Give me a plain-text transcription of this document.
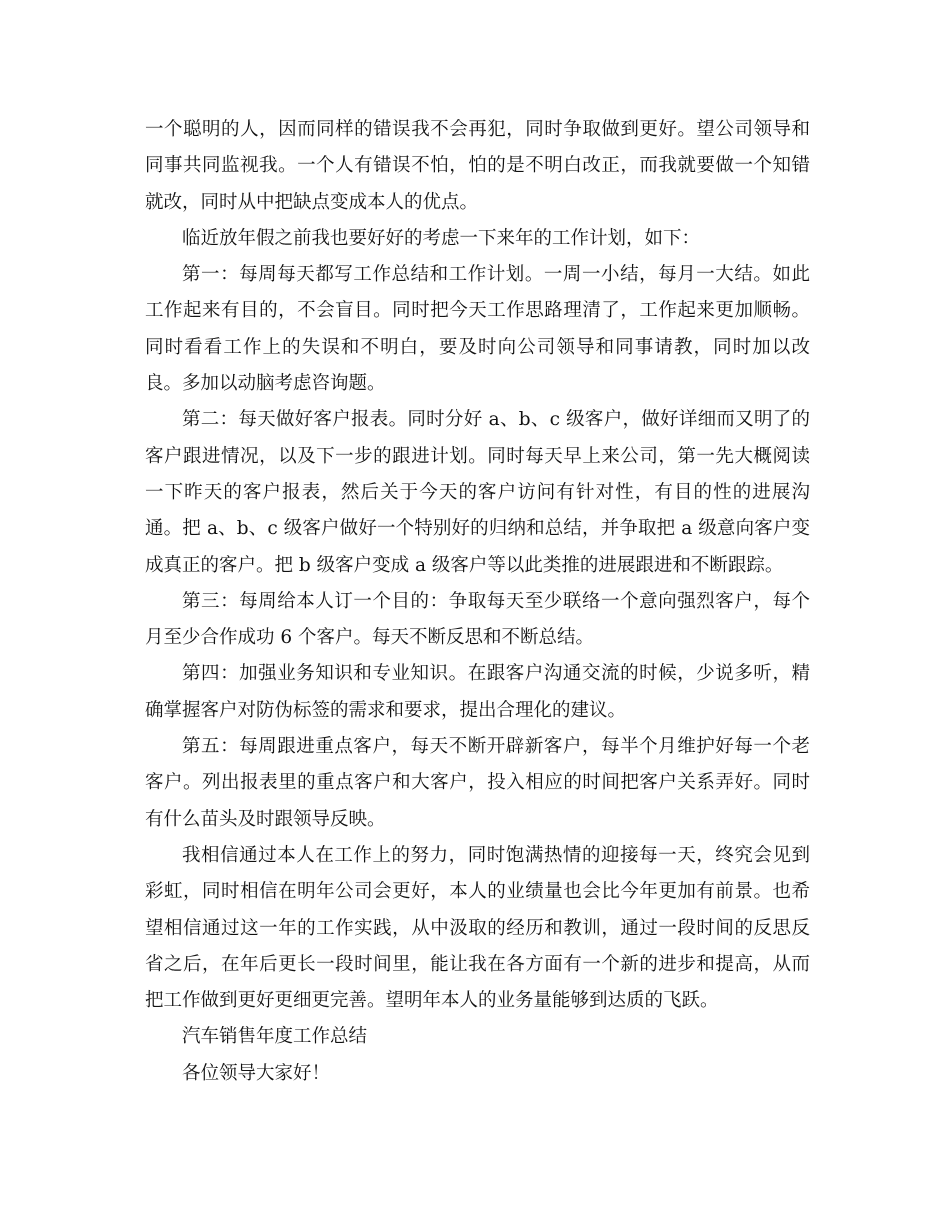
一个聪明的人，因而同样的错误我不会再犯，同时争取做到更好。望公司领导和同事共同监视我。一个人有错误不怕，怕的是不明白改正，而我就要做一个知错就改，同时从中把缺点变成本人的优点。

临近放年假之前我也要好好的考虑一下来年的工作计划，如下：

第一：每周每天都写工作总结和工作计划。一周一小结，每月一大结。如此工作起来有目的，不会盲目。同时把今天工作思路理清了，工作起来更加顺畅。同时看看工作上的失误和不明白，要及时向公司领导和同事请教，同时加以改良。多加以动脑考虑咨询题。

第二：每天做好客户报表。同时分好 a、b、c 级客户，做好详细而又明了的客户跟进情况，以及下一步的跟进计划。同时每天早上来公司，第一先大概阅读一下昨天的客户报表，然后关于今天的客户访问有针对性，有目的性的进展沟通。把 a、b、c 级客户做好一个特别好的归纳和总结，并争取把 a 级意向客户变成真正的客户。把 b 级客户变成 a 级客户等以此类推的进展跟进和不断跟踪。

第三：每周给本人订一个目的：争取每天至少联络一个意向强烈客户，每个月至少合作成功 6 个客户。每天不断反思和不断总结。

第四：加强业务知识和专业知识。在跟客户沟通交流的时候，少说多听，精确掌握客户对防伪标签的需求和要求，提出合理化的建议。

第五：每周跟进重点客户，每天不断开辟新客户，每半个月维护好每一个老客户。列出报表里的重点客户和大客户，投入相应的时间把客户关系弄好。同时有什么苗头及时跟领导反映。

我相信通过本人在工作上的努力，同时饱满热情的迎接每一天，终究会见到彩虹，同时相信在明年公司会更好，本人的业绩量也会比今年更加有前景。也希望相信通过这一年的工作实践，从中汲取的经历和教训，通过一段时间的反思反省之后，在年后更长一段时间里，能让我在各方面有一个新的进步和提高，从而把工作做到更好更细更完善。望明年本人的业务量能够到达质的飞跃。

汽车销售年度工作总结

各位领导大家好！
